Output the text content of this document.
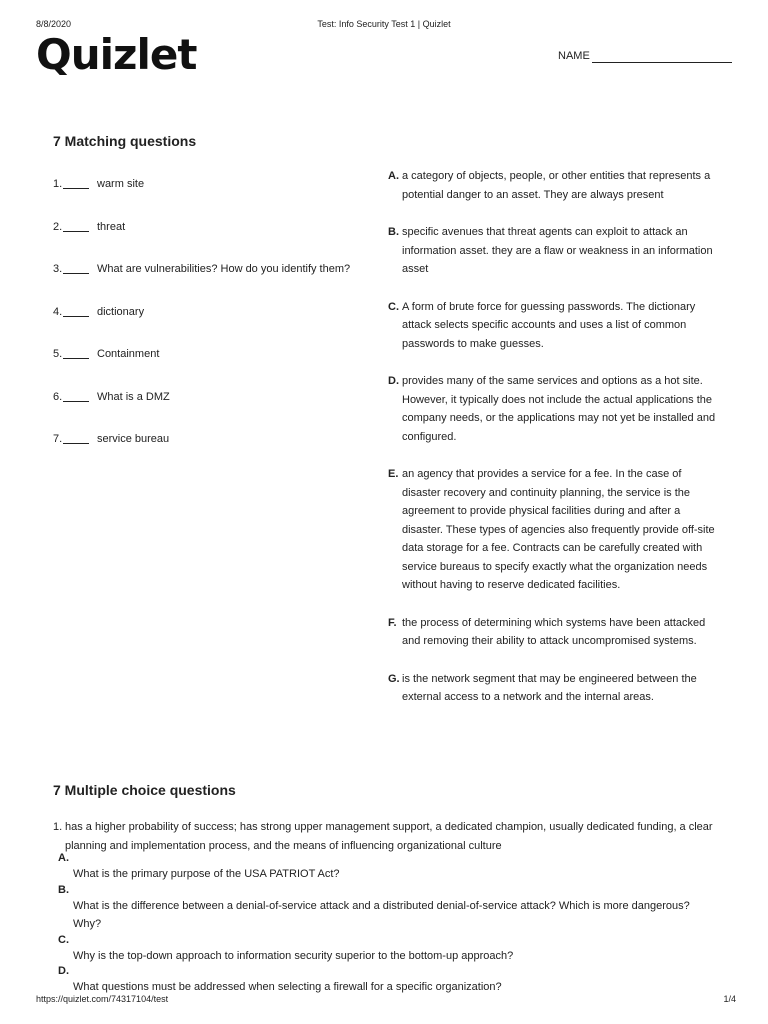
8/8/2020	Test: Info Security Test 1 | Quizlet
Quizlet	NAME
7 Matching questions
1.	warm site
2.	threat
3.	What are vulnerabilities? How do you identify them?
4.	dictionary
5.	Containment
6.	What is a DMZ
7.	service bureau
A. a category of objects, people, or other entities that represents a potential danger to an asset. They are always present
B. specific avenues that threat agents can exploit to attack an information asset. they are a flaw or weakness in an information asset
C. A form of brute force for guessing passwords. The dictionary attack selects specific accounts and uses a list of common passwords to make guesses.
D. provides many of the same services and options as a hot site. However, it typically does not include the actual applications the company needs, or the applications may not yet be installed and configured.
E. an agency that provides a service for a fee. In the case of disaster recovery and continuity planning, the service is the agreement to provide physical facilities during and after a disaster. These types of agencies also frequently provide off-site data storage for a fee. Contracts can be carefully created with service bureaus to specify exactly what the organization needs without having to reserve dedicated facilities.
F. the process of determining which systems have been attacked and removing their ability to attack uncompromised systems.
G. is the network segment that may be engineered between the external access to a network and the internal areas.
7 Multiple choice questions
1. has a higher probability of success; has strong upper management support, a dedicated champion, usually dedicated funding, a clear planning and implementation process, and the means of influencing organizational culture
A.
What is the primary purpose of the USA PATRIOT Act?
B.
What is the difference between a denial-of-service attack and a distributed denial-of-service attack? Which is more dangerous? Why?
C.
Why is the top-down approach to information security superior to the bottom-up approach?
D.
What questions must be addressed when selecting a firewall for a specific organization?
https://quizlet.com/74317104/test	1/4
